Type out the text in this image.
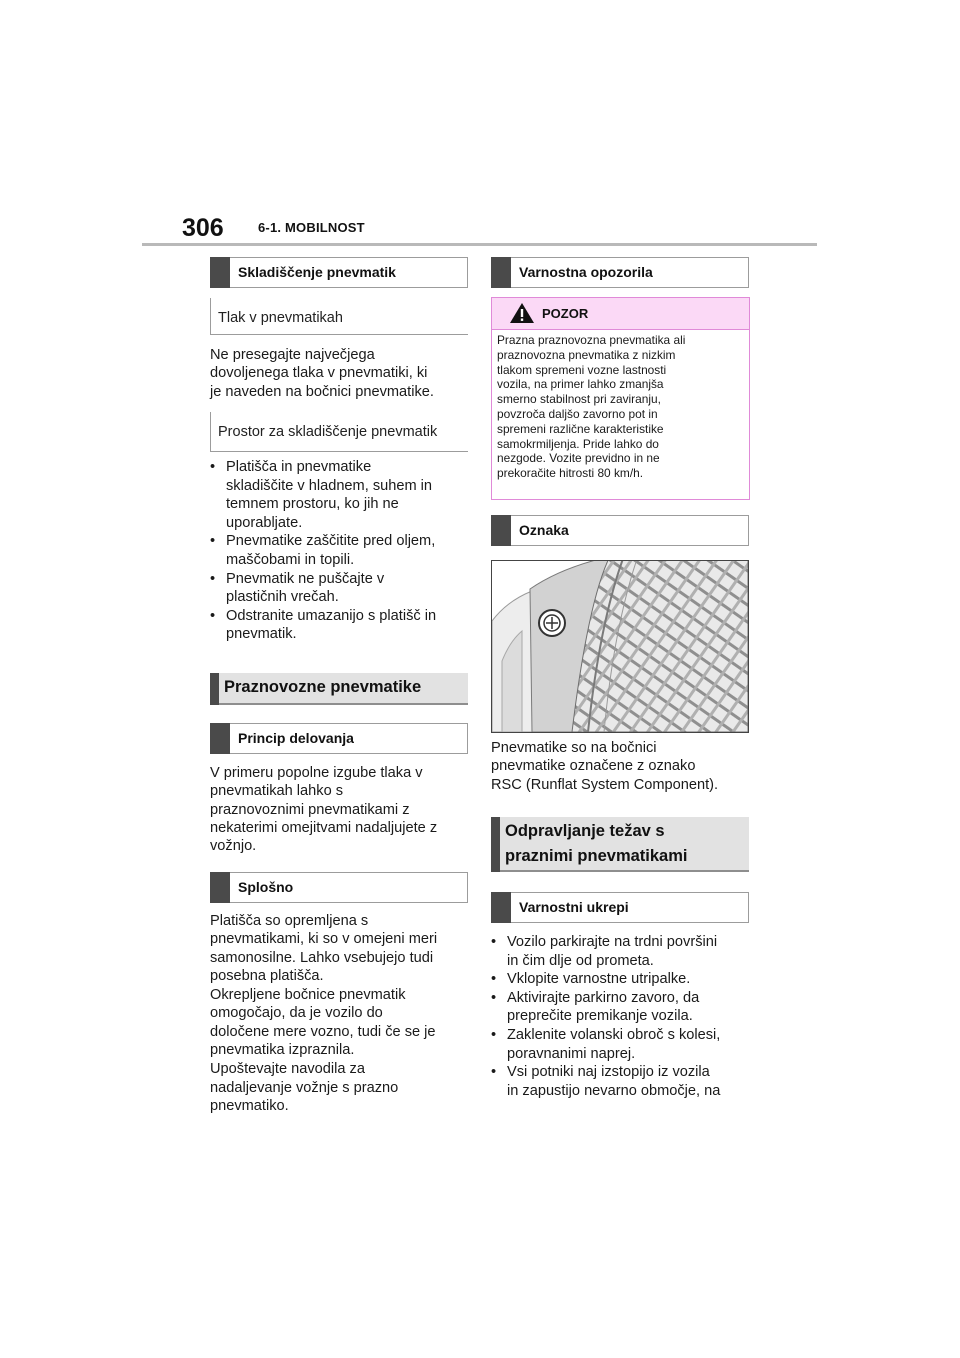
306	6-1. MOBILNOST
Skladiščenje pnevmatik
Tlak v pnevmatikah
Ne presegajte največjega
dovoljenega tlaka v pnevmatiki, ki
je naveden na bočnici pnevmatike.
Prostor za skladiščenje pnevmatik
• Platišča in pnevmatike
skladiščite v hladnem, suhem in
temnem prostoru, ko jih ne
uporabljate.
• Pnevmatike zaščitite pred oljem,
maščobami in topili.
• Pnevmatik ne puščajte v
plastičnih vrečah.
• Odstranite umazanijo s platišč in
pnevmatik.
Praznovozne pnevmatike
Princip delovanja
V primeru popolne izgube tlaka v
pnevmatikah lahko s
praznovoznimi pnevmatikami z
nekaterimi omejitvami nadaljujete z
vožnjo.
Splošno
Platišča so opremljena s
pnevmatikami, ki so v omejeni meri
samonosilne. Lahko vsebujejo tudi
posebna platišča.
Okrepljene bočnice pnevmatik
omogočajo, da je vozilo do
določene mere vozno, tudi če se je
pnevmatika izpraznila.
Upoštevajte navodila za
nadaljevanje vožnje s prazno
pnevmatiko.
Varnostna opozorila
POZOR
Prazna praznovozna pnevmatika ali
praznovozna pnevmatika z nizkim
tlakom spremeni vozne lastnosti
vozila, na primer lahko zmanjša
smerno stabilnost pri zaviranju,
povzroča daljšo zavorno pot in
spremeni različne karakteristike
samokrmiljenja. Pride lahko do
nezgode. Vozite previdno in ne
prekoračite hitrosti 80 km/h.
Oznaka
Pnevmatike so na bočnici
pnevmatike označene z oznako
RSC (Runflat System Component).
Odpravljanje težav s
praznimi pnevmatikami
Varnostni ukrepi
• Vozilo parkirajte na trdni površini
in čim dlje od prometa.
• Vklopite varnostne utripalke.
• Aktivirajte parkirno zavoro, da
preprečite premikanje vozila.
• Zaklenite volanski obroč s kolesi,
poravnanimi naprej.
• Vsi potniki naj izstopijo iz vozila
in zapustijo nevarno območje, na
